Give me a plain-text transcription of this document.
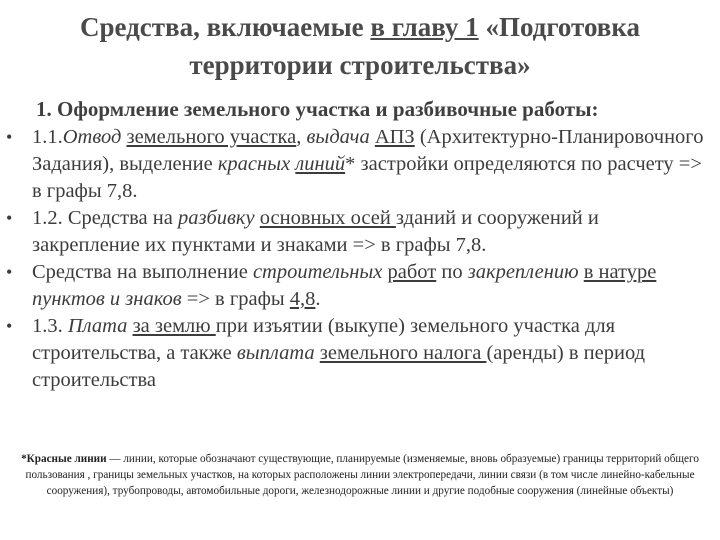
Средства, включаемые в главу 1 «Подготовка
территории строительства»
1. Оформление земельного участка и разбивочные работы:
• 1.1.Отвод земельного участка, выдача АПЗ (Архитектурно-Планировочного Задания), выделение красных линий* застройки определяются по расчету => в графы 7,8.
• 1.2. Средства на разбивку основных осей зданий и сооружений и закрепление их пунктами и знаками => в графы 7,8.
• Средства на выполнение строительных работ по закреплению в натуре пунктов и знаков => в графы 4,8.
• 1.3. Плата за землю при изъятии (выкупе) земельного участка для строительства, а также выплата земельного налога (аренды) в период строительства
*Красные линии — линии, которые обозначают существующие, планируемые (изменяемые, вновь образуемые) границы территорий общего пользования , границы земельных участков, на которых расположены линии электропередачи, линии связи (в том числе линейно-кабельные сооружения), трубопроводы, автомобильные дороги, железнодорожные линии и другие подобные сооружения (линейные объекты)
